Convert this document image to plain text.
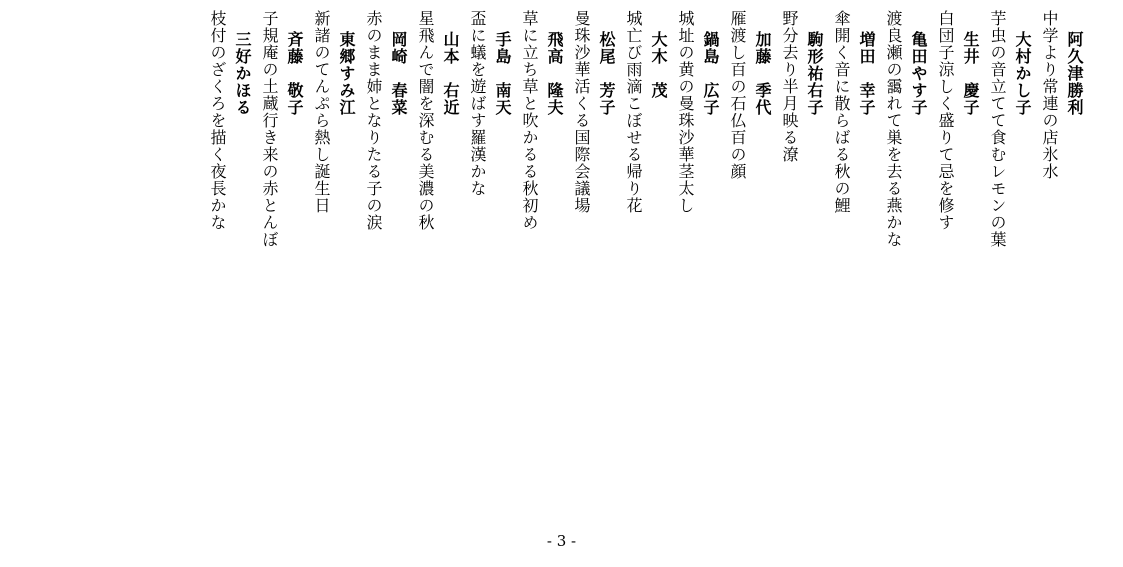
阿久津勝利
中学より常連の店氷水
大村かし子
芋虫の音立てて食むレモンの葉
生井　慶子
白団子涼しく盛りて忌を修す
亀田やす子
渡良瀬の靄れて巣を去る燕かな
増田　幸子
傘開く音に散らばる秋の鯉
駒形祐右子
野分去り半月映る潦
加藤　季代
雁渡し百の石仏百の顔
鍋島　広子
城址の黄の曼珠沙華茎太し
大木　茂
城亡び雨滴こぼせる帰り花
松尾　芳子
曼珠沙華活くる国際会議場
飛高　隆夫
草に立ち草と吹かるる秋初め
手島　南天
盃に蟻を遊ばす羅漢かな
山本　右近
星飛んで闇を深むる美濃の秋
岡崎　春菜
赤のまま姉となりたる子の涙
東郷すみ江
新諸のてんぷら熱し誕生日
斉藤　敬子
子規庵の土蔵行き来の赤とんぼ
三好かほる
枝付のざくろを描く夜長かな
- 3 -
